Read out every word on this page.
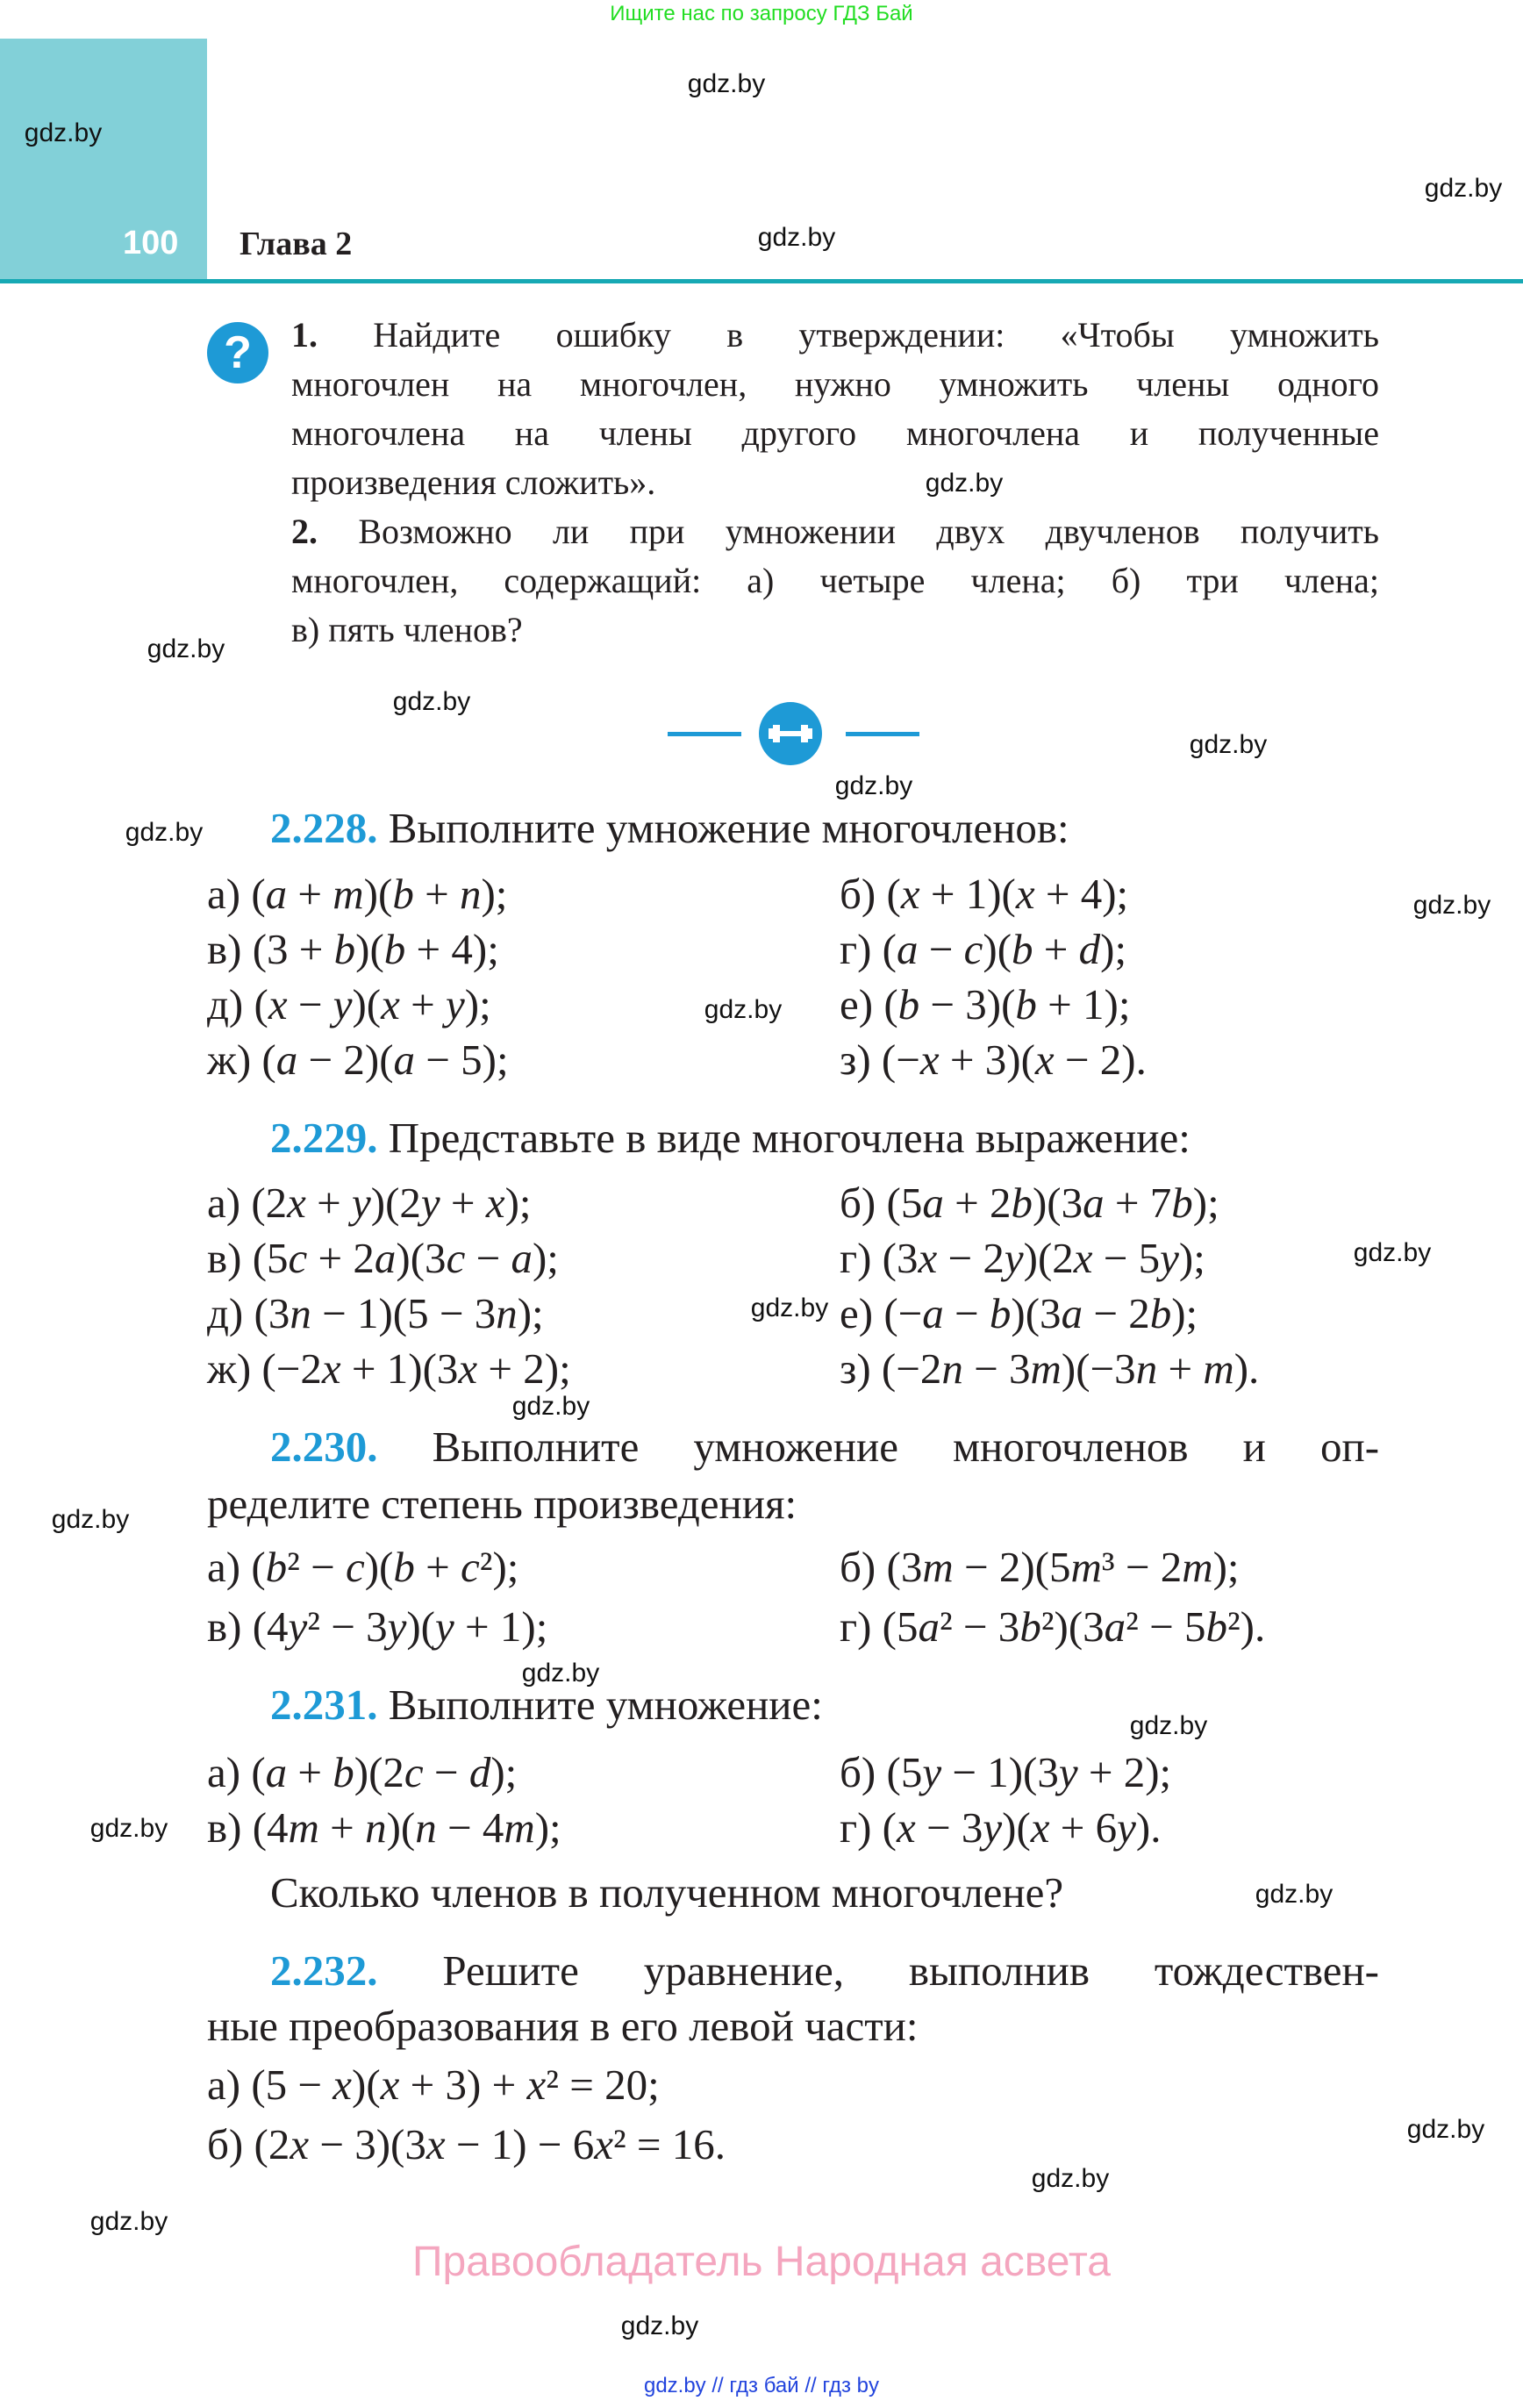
Ищите нас по запросу ГДЗ Бай
100 Глава 2
?	1. Найдите ошибку в утверждении: «Чтобы умножить
многочлен на многочлен, нужно умножить члены одного
многочлена на члены другого многочлена и полученные
произведения сложить».
2. Возможно ли при умножении двух двучленов получить
многочлен, содержащий: а) четыре члена; б) три члена;
в) пять членов?
2.228. Выполните умножение многочленов:
а) (a + m)(b + n);	б) (x + 1)(x + 4);
в) (3 + b)(b + 4);	г) (a − c)(b + d);
д) (x − y)(x + y);	е) (b − 3)(b + 1);
ж) (a − 2)(a − 5);	з) (−x + 3)(x − 2).
2.229. Представьте в виде многочлена выражение:
а) (2x + y)(2y + x);	б) (5a + 2b)(3a + 7b);
в) (5c + 2a)(3c − a);	г) (3x − 2y)(2x − 5y);
д) (3n − 1)(5 − 3n);	е) (−a − b)(3a − 2b);
ж) (−2x + 1)(3x + 2);	з) (−2n − 3m)(−3n + m).
2.230. Выполните умножение многочленов и оп-
ределите степень произведения:
а) (b² − c)(b + c²);	б) (3m − 2)(5m³ − 2m);
в) (4y² − 3y)(y + 1);	г) (5a² − 3b²)(3a² − 5b²).
2.231. Выполните умножение:
а) (a + b)(2c − d);	б) (5y − 1)(3y + 2);
в) (4m + n)(n − 4m);	г) (x − 3y)(x + 6y).
Сколько членов в полученном многочлене?
2.232. Решите уравнение, выполнив тождествен-
ные преобразования в его левой части:
а) (5 − x)(x + 3) + x² = 20;
б) (2x − 3)(3x − 1) − 6x² = 16.
Правообладатель Народная асвета
gdz.by // гдз бай // гдз by
gdz.by
gdz.by
gdz.by
gdz.by
gdz.by
gdz.by
gdz.by
gdz.by
gdz.by
gdz.by
gdz.by
gdz.by
gdz.by
gdz.by
gdz.by
gdz.by
gdz.by
gdz.by
gdz.by
gdz.by
gdz.by
gdz.by
gdz.by
gdz.by
